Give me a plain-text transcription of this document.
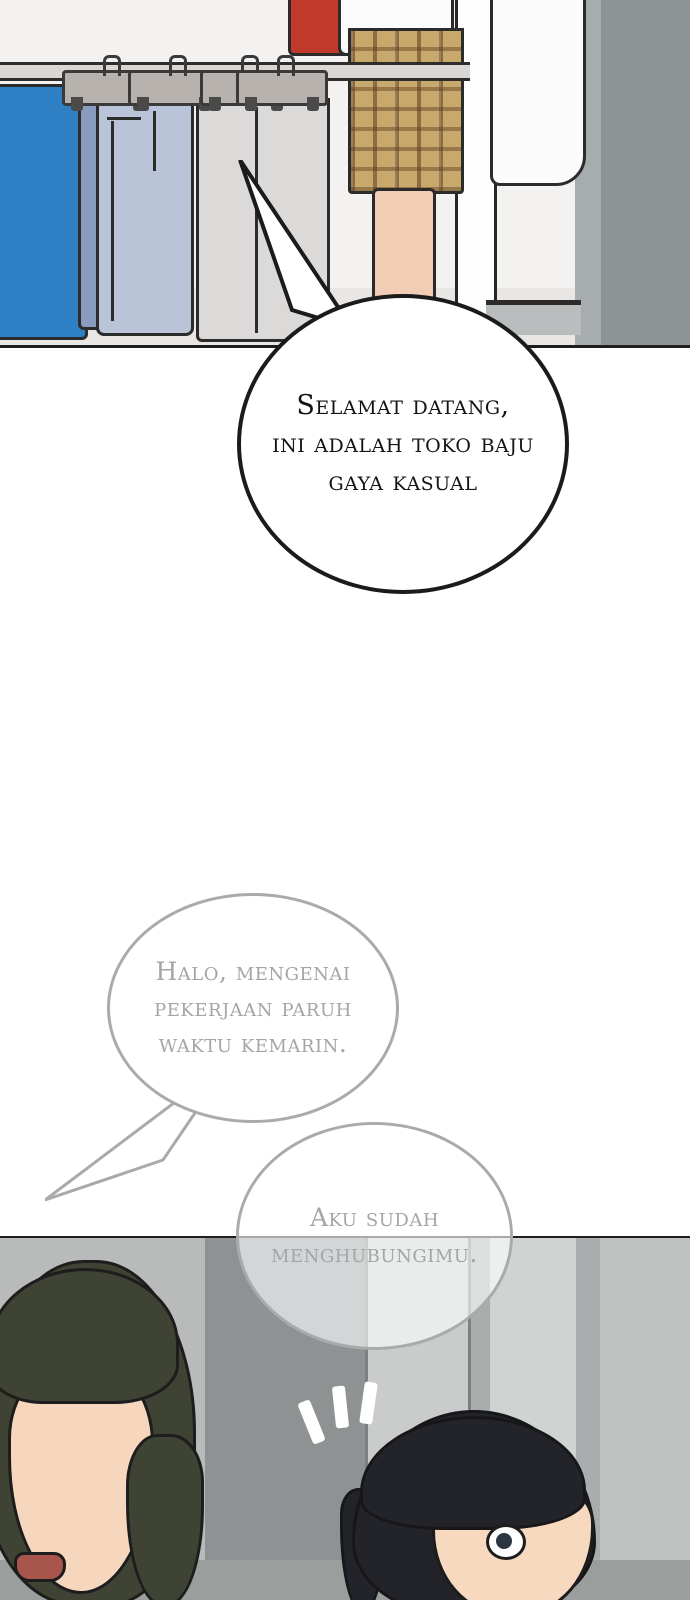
Selamat datang,
ini adalah toko baju
gaya kasual
Halo, mengenai
pekerjaan paruh
waktu kemarin.
Aku sudah
menghubungimu.
